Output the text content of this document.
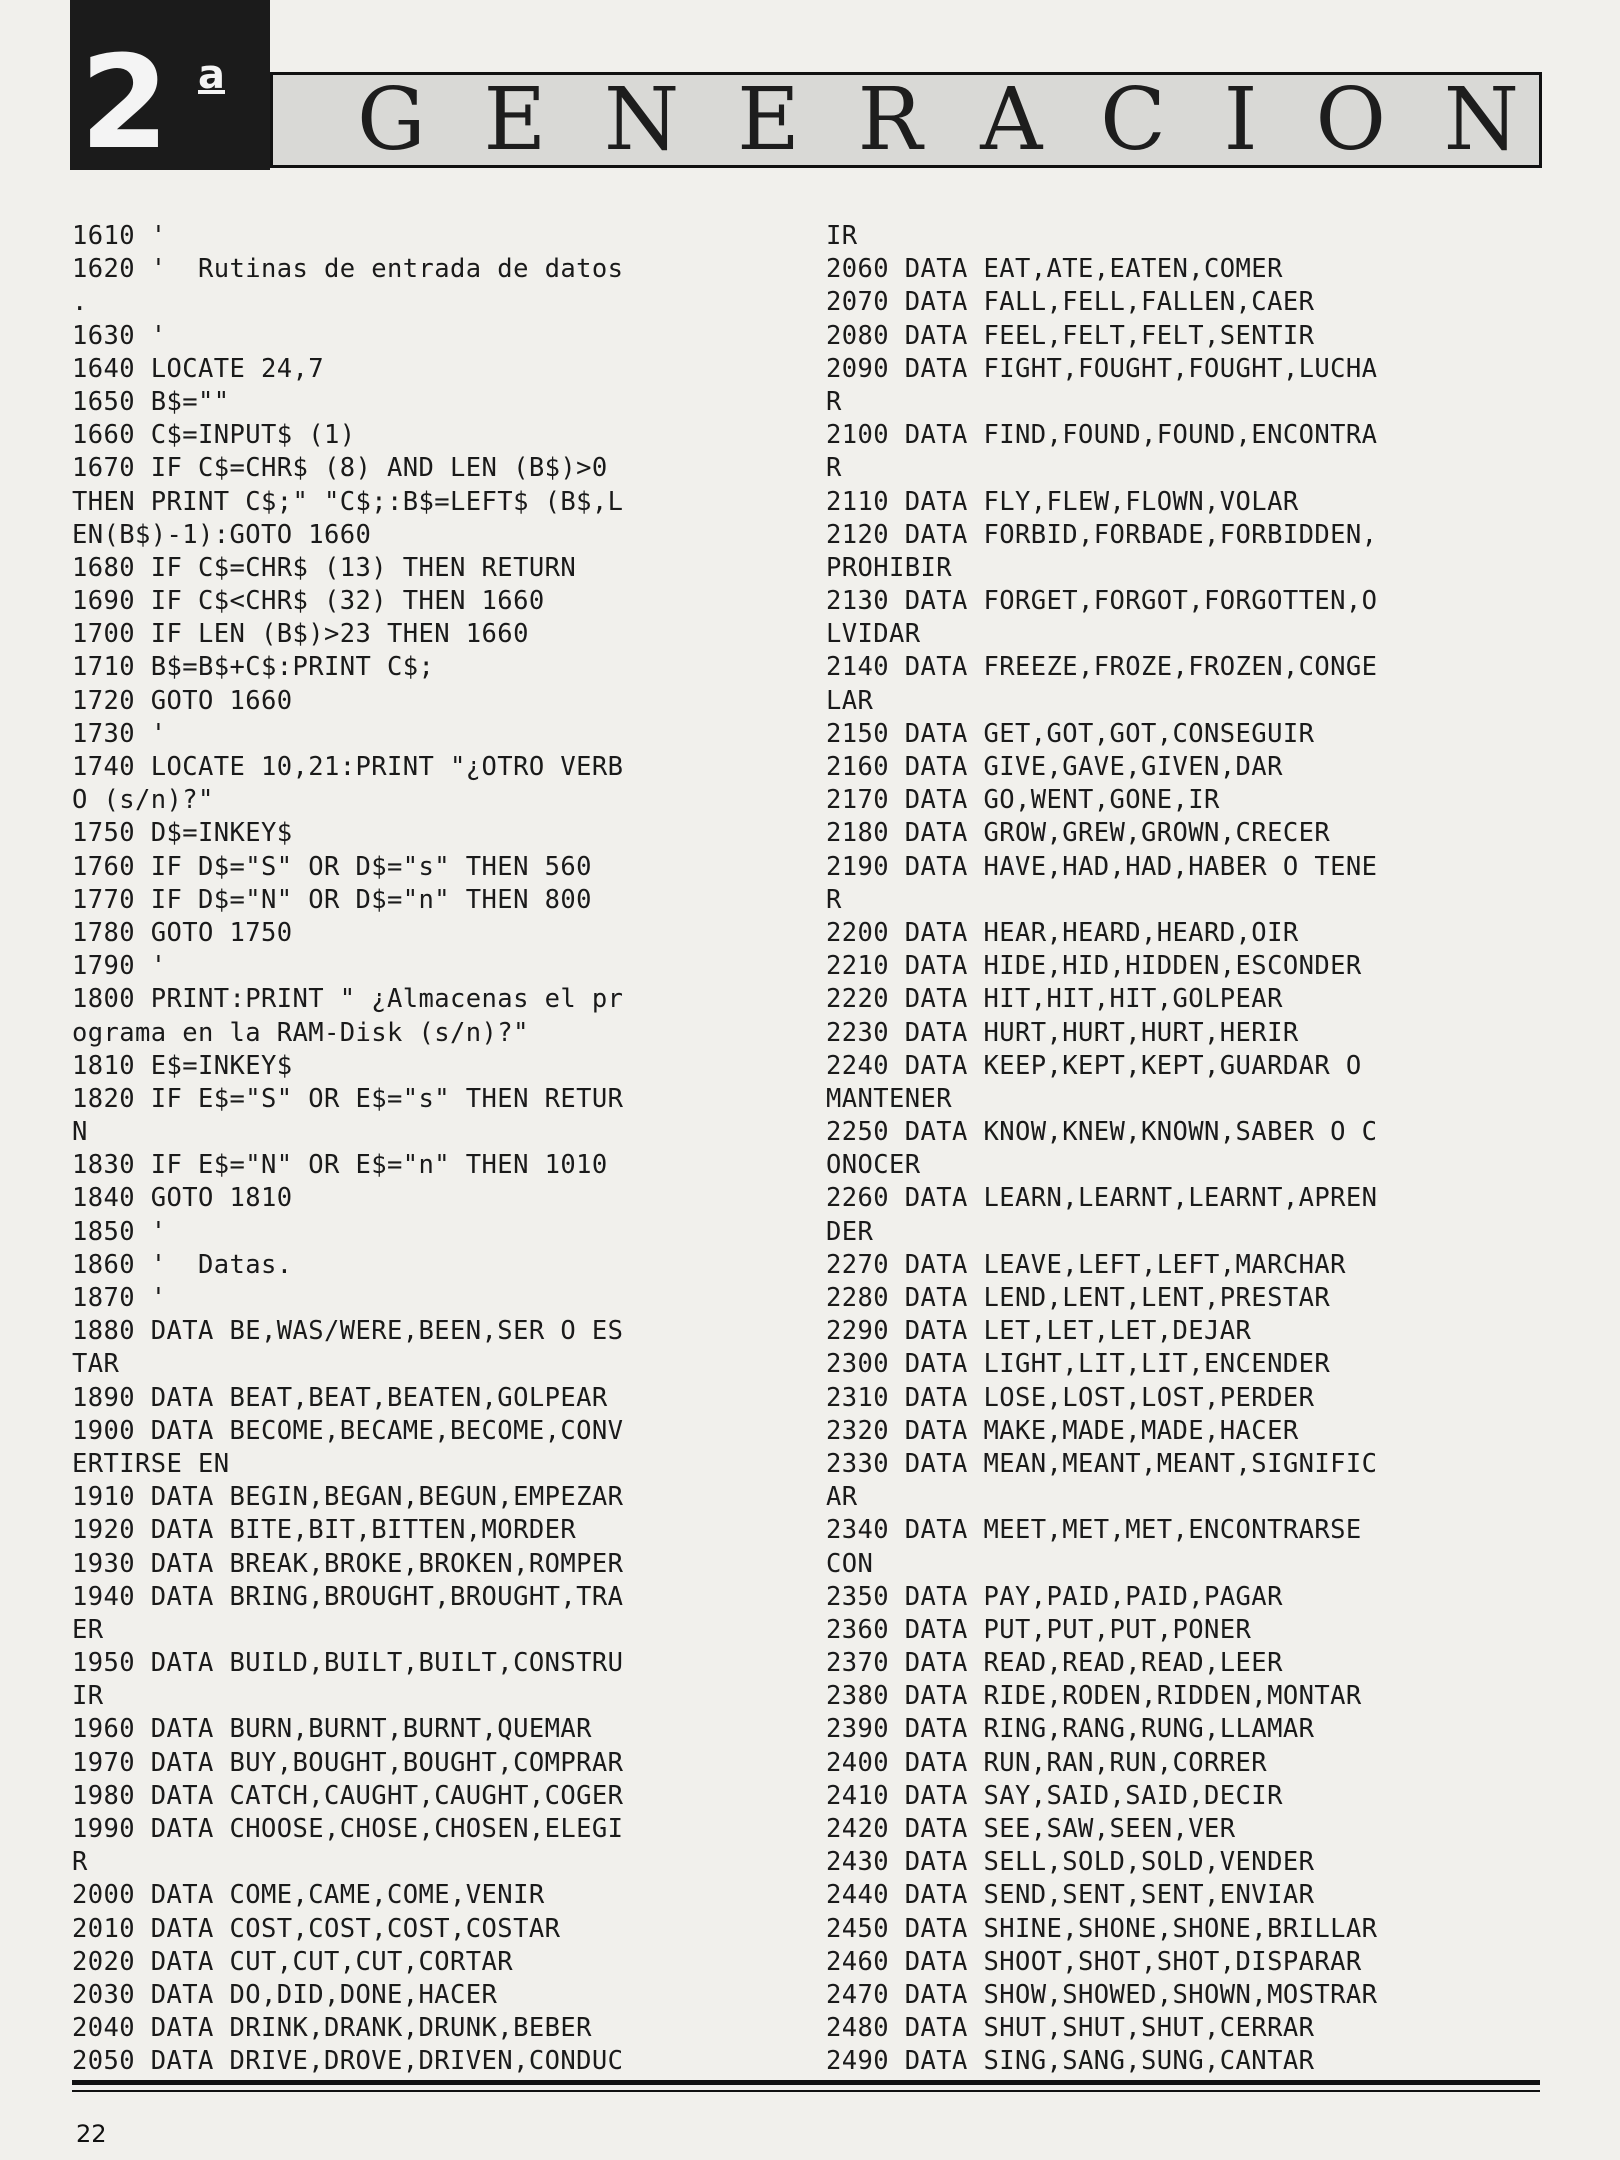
2 a G E N E R A C I O N
1610 '
1620 '  Rutinas de entrada de datos
.
1630 '
1640 LOCATE 24,7
1650 B$=""
1660 C$=INPUT$ (1)
1670 IF C$=CHR$ (8) AND LEN (B$)>0
THEN PRINT C$;" "C$;:B$=LEFT$ (B$,L
EN(B$)-1):GOTO 1660
1680 IF C$=CHR$ (13) THEN RETURN
1690 IF C$<CHR$ (32) THEN 1660
1700 IF LEN (B$)>23 THEN 1660
1710 B$=B$+C$:PRINT C$;
1720 GOTO 1660
1730 '
1740 LOCATE 10,21:PRINT "¿OTRO VERB
O (s/n)?"
1750 D$=INKEY$
1760 IF D$="S" OR D$="s" THEN 560
1770 IF D$="N" OR D$="n" THEN 800
1780 GOTO 1750
1790 '
1800 PRINT:PRINT " ¿Almacenas el pr
ograma en la RAM-Disk (s/n)?"
1810 E$=INKEY$
1820 IF E$="S" OR E$="s" THEN RETUR
N
1830 IF E$="N" OR E$="n" THEN 1010
1840 GOTO 1810
1850 '
1860 '  Datas.
1870 '
1880 DATA BE,WAS/WERE,BEEN,SER O ES
TAR
1890 DATA BEAT,BEAT,BEATEN,GOLPEAR
1900 DATA BECOME,BECAME,BECOME,CONV
ERTIRSE EN
1910 DATA BEGIN,BEGAN,BEGUN,EMPEZAR
1920 DATA BITE,BIT,BITTEN,MORDER
1930 DATA BREAK,BROKE,BROKEN,ROMPER
1940 DATA BRING,BROUGHT,BROUGHT,TRA
ER
1950 DATA BUILD,BUILT,BUILT,CONSTRU
IR
1960 DATA BURN,BURNT,BURNT,QUEMAR
1970 DATA BUY,BOUGHT,BOUGHT,COMPRAR
1980 DATA CATCH,CAUGHT,CAUGHT,COGER
1990 DATA CHOOSE,CHOSE,CHOSEN,ELEGI
R
2000 DATA COME,CAME,COME,VENIR
2010 DATA COST,COST,COST,COSTAR
2020 DATA CUT,CUT,CUT,CORTAR
2030 DATA DO,DID,DONE,HACER
2040 DATA DRINK,DRANK,DRUNK,BEBER
2050 DATA DRIVE,DROVE,DRIVEN,CONDUC
IR
2060 DATA EAT,ATE,EATEN,COMER
2070 DATA FALL,FELL,FALLEN,CAER
2080 DATA FEEL,FELT,FELT,SENTIR
2090 DATA FIGHT,FOUGHT,FOUGHT,LUCHA
R
2100 DATA FIND,FOUND,FOUND,ENCONTRA
R
2110 DATA FLY,FLEW,FLOWN,VOLAR
2120 DATA FORBID,FORBADE,FORBIDDEN,
PROHIBIR
2130 DATA FORGET,FORGOT,FORGOTTEN,O
LVIDAR
2140 DATA FREEZE,FROZE,FROZEN,CONGE
LAR
2150 DATA GET,GOT,GOT,CONSEGUIR
2160 DATA GIVE,GAVE,GIVEN,DAR
2170 DATA GO,WENT,GONE,IR
2180 DATA GROW,GREW,GROWN,CRECER
2190 DATA HAVE,HAD,HAD,HABER O TENE
R
2200 DATA HEAR,HEARD,HEARD,OIR
2210 DATA HIDE,HID,HIDDEN,ESCONDER
2220 DATA HIT,HIT,HIT,GOLPEAR
2230 DATA HURT,HURT,HURT,HERIR
2240 DATA KEEP,KEPT,KEPT,GUARDAR O
MANTENER
2250 DATA KNOW,KNEW,KNOWN,SABER O C
ONOCER
2260 DATA LEARN,LEARNT,LEARNT,APREN
DER
2270 DATA LEAVE,LEFT,LEFT,MARCHAR
2280 DATA LEND,LENT,LENT,PRESTAR
2290 DATA LET,LET,LET,DEJAR
2300 DATA LIGHT,LIT,LIT,ENCENDER
2310 DATA LOSE,LOST,LOST,PERDER
2320 DATA MAKE,MADE,MADE,HACER
2330 DATA MEAN,MEANT,MEANT,SIGNIFIC
AR
2340 DATA MEET,MET,MET,ENCONTRARSE
CON
2350 DATA PAY,PAID,PAID,PAGAR
2360 DATA PUT,PUT,PUT,PONER
2370 DATA READ,READ,READ,LEER
2380 DATA RIDE,RODEN,RIDDEN,MONTAR
2390 DATA RING,RANG,RUNG,LLAMAR
2400 DATA RUN,RAN,RUN,CORRER
2410 DATA SAY,SAID,SAID,DECIR
2420 DATA SEE,SAW,SEEN,VER
2430 DATA SELL,SOLD,SOLD,VENDER
2440 DATA SEND,SENT,SENT,ENVIAR
2450 DATA SHINE,SHONE,SHONE,BRILLAR
2460 DATA SHOOT,SHOT,SHOT,DISPARAR
2470 DATA SHOW,SHOWED,SHOWN,MOSTRAR
2480 DATA SHUT,SHUT,SHUT,CERRAR
2490 DATA SING,SANG,SUNG,CANTAR
22
